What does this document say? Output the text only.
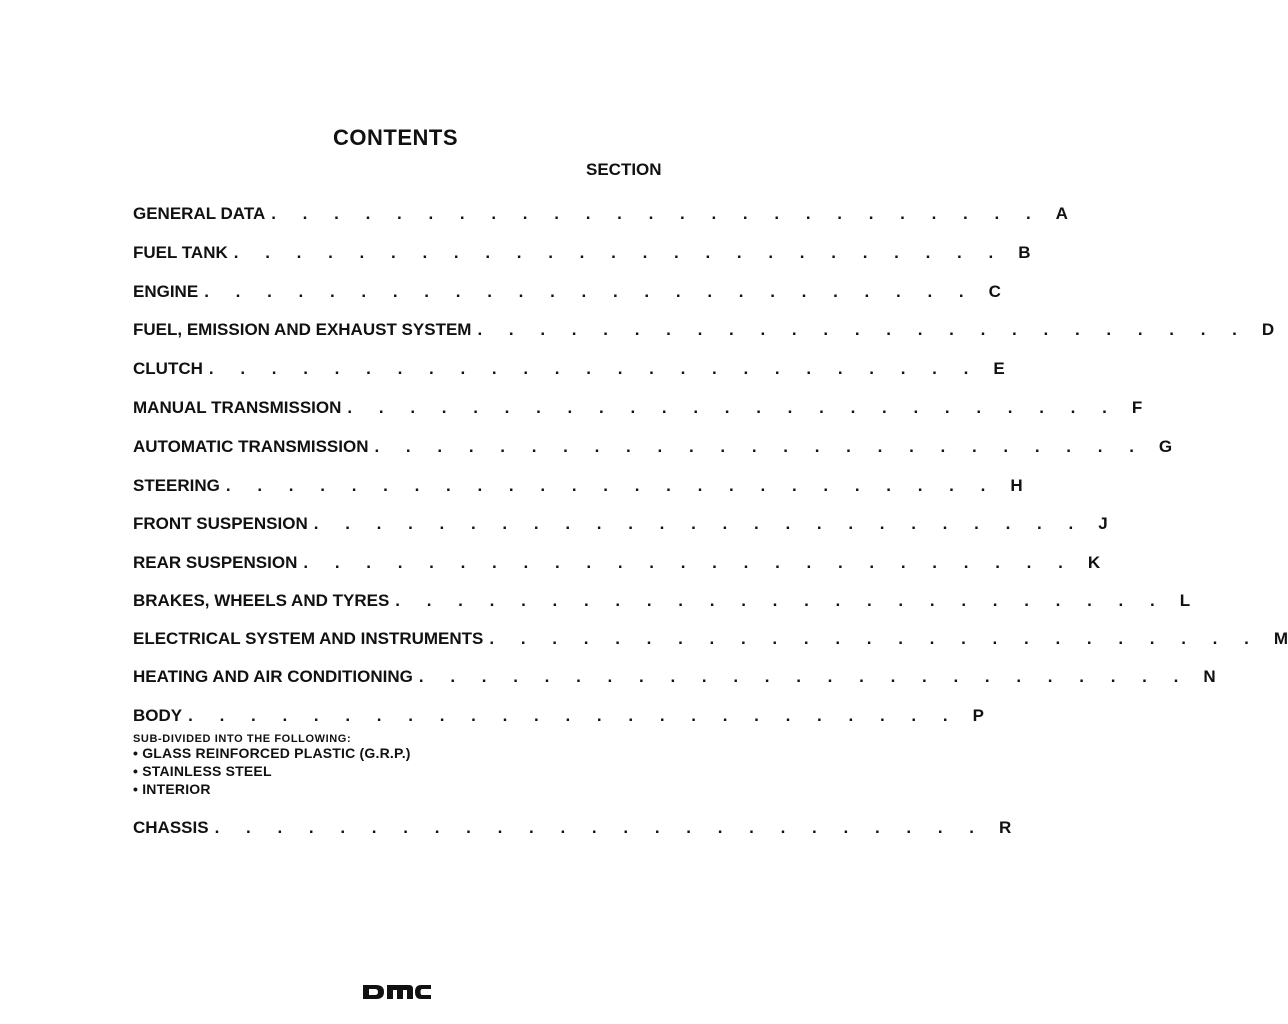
CONTENTS
SECTION
GENERAL DATA . . . . . . . . . . . . . . . . . . . . . . . . . A
FUEL TANK . . . . . . . . . . . . . . . . . . . . . . . . . B
ENGINE . . . . . . . . . . . . . . . . . . . . . . . . . C
FUEL, EMISSION AND EXHAUST SYSTEM . . . . . . . . . . . . . . . . . . . . . . . . . D
CLUTCH . . . . . . . . . . . . . . . . . . . . . . . . . E
MANUAL TRANSMISSION . . . . . . . . . . . . . . . . . . . . . . . . . F
AUTOMATIC TRANSMISSION . . . . . . . . . . . . . . . . . . . . . . . . . G
STEERING . . . . . . . . . . . . . . . . . . . . . . . . . H
FRONT SUSPENSION . . . . . . . . . . . . . . . . . . . . . . . . . J
REAR SUSPENSION . . . . . . . . . . . . . . . . . . . . . . . . . K
BRAKES, WHEELS AND TYRES . . . . . . . . . . . . . . . . . . . . . . . . . L
ELECTRICAL SYSTEM AND INSTRUMENTS . . . . . . . . . . . . . . . . . . . . . . . . . M
HEATING AND AIR CONDITIONING . . . . . . . . . . . . . . . . . . . . . . . . . N
BODY . . . . . . . . . . . . . . . . . . . . . . . . . P
SUB-DIVIDED INTO THE FOLLOWING:
• GLASS REINFORCED PLASTIC (G.R.P.)
• STAINLESS STEEL
• INTERIOR
CHASSIS . . . . . . . . . . . . . . . . . . . . . . . . . R
